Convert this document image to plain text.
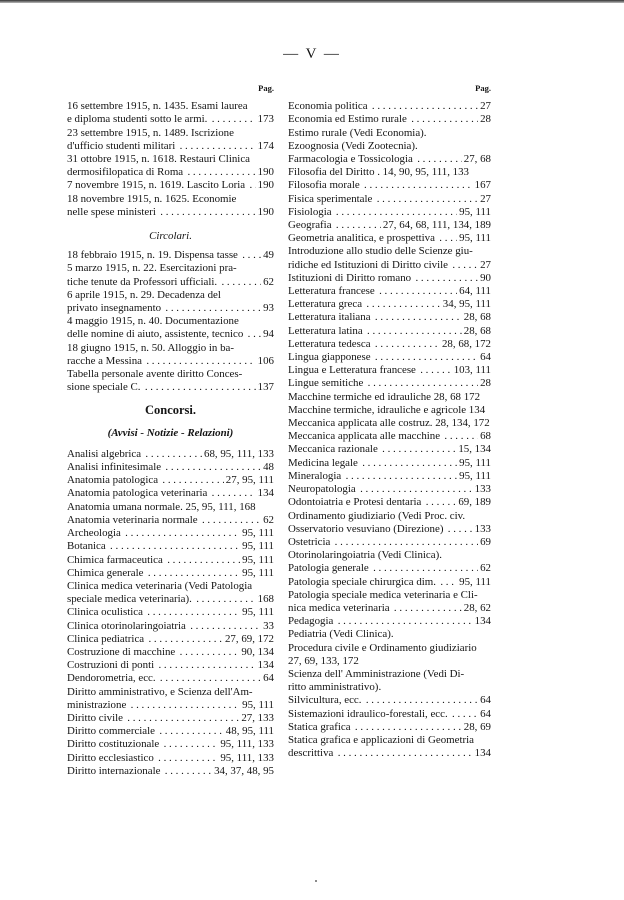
— V —
Pag.
16 settembre 1915, n. 1435. Esami laurea
e diploma studenti sotto le armi. . . .	173
23 settembre 1915, n. 1489. Iscrizione
d'ufficio studenti militari . . .	174
31 ottobre 1915, n. 1618. Restauri Clinica
dermosifilopatica di Roma . . .	190
7 novembre 1915, n. 1619. Lascito Loria . . . 190
18 novembre 1915, n. 1625. Economie
nelle spese ministeri . . .	190
Circolari.
18 febbraio 1915, n. 19. Dispensa tasse . . . 49
5 marzo 1915, n. 22. Esercitazioni pra-
tiche tenute da Professori ufficiali. . . .	62
6 aprile 1915, n. 29. Decadenza del
privato insegnamento . . .	93
4 maggio 1915, n. 40. Documentazione
delle nomine di aiuto, assistente, tecnico . . . 94
18 giugno 1915, n. 50. Alloggio in ba-
racche a Messina . . .	106
Tabella personale avente diritto Conces-
sione speciale C. . . .	137
Concorsi.
(Avvisi - Notizie - Relazioni)
Analisi algebrica . . .	68, 95, 111, 133
Analisi infinitesimale . . .	48
Anatomia patologica . . .	27, 95, 111
Anatomia patologica veterinaria . . .	134
Anatomia umana normale. 25, 95, 111, 168
Anatomia veterinaria normale . . .	62
Archeologia . . .	95, 111
Botanica . . .	95, 111
Chimica farmaceutica . . .	95, 111
Chimica generale . . .	95, 111
Clinica medica veterinaria (Vedi Patologia
speciale medica veterinaria). . . .	168
Clinica oculistica . . .	95, 111
Clinica otorinolaringoiatria . . .	33
Clinica pediatrica . . .	27, 69, 172
Costruzione di macchine . . .	90, 134
Costruzioni di ponti . . .	134
Dendorometria, ecc. . . .	64
Diritto amministrativo, e Scienza dell'Am-
ministrazione . . .	95, 111
Diritto civile . . .	27, 133
Diritto commerciale . . .	48, 95, 111
Diritto costituzionale . . .	95, 111, 133
Diritto ecclesiastico . . .	95, 111, 133
Diritto internazionale . . .	34, 37, 48, 95
Pag.
Economia politica . . .	27
Economia ed Estimo rurale . . .	28
Estimo rurale (Vedi Economia).
Ezoognosia (Vedi Zootecnia).
Farmacologia e Tossicologia . . .	27, 68
Filosofia del Diritto . 14, 90, 95, 111, 133
Filosofia morale . . .	167
Fisica sperimentale . . .	27
Fisiologia . . .	95, 111
Geografia . . .	27, 64, 68, 111, 134, 189
Geometria analitica, e prospettiva . . . 95, 111
Introduzione allo studio delle Scienze giu-
ridiche ed Istituzioni di Diritto civile . . .	27
Istituzioni di Diritto romano . . .	90
Letteratura francese . . .	64, 111
Letteratura greca . . .	34, 95, 111
Letteratura italiana . . .	28, 68
Letteratura latina . . .	28, 68
Letteratura tedesca . . .	28, 68, 172
Lingua giapponese . . .	64
Lingua e Letteratura francese . . .	103, 111
Lingue semitiche . . .	28
Macchine termiche ed idrauliche 28, 68 172
Macchine termiche, idrauliche e agricole 134
Meccanica applicata alle costruz. 28, 134, 172
Meccanica applicata alle macchine . . .	68
Meccanica razionale . . .	15, 134
Medicina legale . . .	95, 111
Mineralogia . . .	95, 111
Neuropatologia . . .	133
Odontoiatria e Protesi dentaria . . .	69, 189
Ordinamento giudiziario (Vedi Proc. civ.
Osservatorio vesuviano (Direzione) . . .	133
Ostetricia . . .	69
Otorinolaringoiatria (Vedi Clinica).
Patologia generale . . .	62
Patologia speciale chirurgica dim. . . . 95, 111
Patologia speciale medica veterinaria e Cli-
nica medica veterinaria . . .	28, 62
Pedagogia . . .	134
Pediatria (Vedi Clinica).
Procedura civile e Ordinamento giudiziario
27, 69, 133, 172
Scienza dell' Amministrazione (Vedi Di-
ritto amministrativo).
Silvicultura, ecc. . . .	64
Sistemazioni idraulico-forestali, ecc. . . .	64
Statica grafica . . .	28, 69
Statica grafica e applicazioni di Geometria
descrittiva . . .	134
